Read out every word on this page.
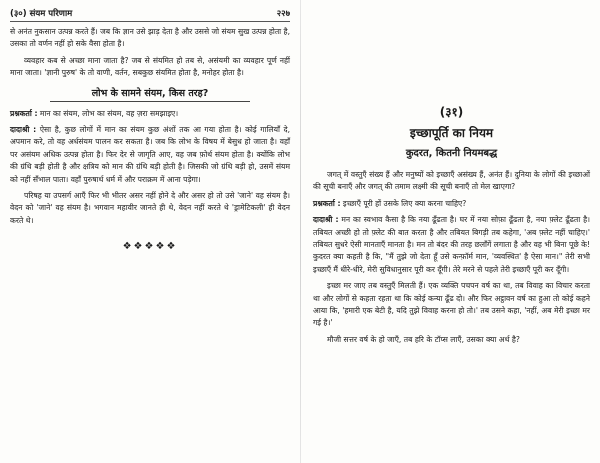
(३०) संयम परिणाम	२२७

से अनंत नुकसान उत्पन्न करते हैं। जब कि ज्ञान उसे झाड़ देता है और उससे जो संयम सुख उत्पन्न होता है, उसका तो वर्णन नहीं हो सके वैसा होता है।

व्यवहार कब से अच्छा माना जाता है? जब से संयमित हो तब से, असंयमी का व्यवहार पूर्ण नहीं माना जाता। 'ज्ञानी पुरुष' के तो वाणी, वर्तन, सबकुछ संयमित होता है, मनोहर होता है।

लोभ के सामने संयम, किस तरह?

प्रश्नकर्ता : मान का संयम, लोभ का संयम, वह ज़रा समझाइए।

दादाश्री : ऐसा है, कुछ लोगों में मान का संयम कुछ अंशों तक आ गया होता है। कोई गालियाँ दे, अपमान करे, तो वह अर्धसंयम पालन कर सकता है। जब कि लोभ के विषय में बेसुध हो जाता है। वहाँ पर असंयम अधिक उत्पन्न होता है। फिर देर से जागृति आए, वह जब फ़ोर्थ संयम होता है। क्योंकि लोभ की ग्रंथि बड़ी होती है और क्षत्रिय को मान की ग्रंथि बड़ी होती है। जिसकी जो ग्रंथि बड़ी हो, उसमें संयम को नहीं सँभाल पाता। वहाँ पुरुषार्थ धर्म में और पराक्रम में आना पड़ेगा।

परिषह या उपसर्ग आएँ फिर भी भीतर असर नहीं होने दे और असर हो तो उसे 'जाने' वह संयम है। वेदन को 'जाने' वह संयम है। भगवान महावीर जानते ही थे, वेदन नहीं करते थे 'ड्रामेटिकली' ही वेदन करते थे।

❖❖❖❖❖
(३१)
इच्छापूर्ति का नियम
कुदरत, कितनी नियमबद्ध

जगत् में वस्तुएँ संख्य हैं और मनुष्यों को इच्छाएँ असंख्य हैं, अनंत हैं। दुनिया के लोगों की इच्छाओं की सूची बनाएँ और जगत् की तमाम लक्ष्मी की सूची बनाएँ तो मेल खाएगा?

प्रश्नकर्ता : इच्छाएँ पूरी हों उसके लिए क्या करना चाहिए?

दादाश्री : मन का स्वभाव कैसा है कि नया ढूँढता है। घर में नया सोफ़ा ढूँढता है, नया फ़्लेट ढूँढता है। तबियत अच्छी हो तो फ़्लेट की बात करता है और तबियत बिगड़ी तब कहेगा, 'अब फ़्लेट नहीं चाहिए।' तबियत सुधरे ऐसी मानताएँ मानता है। मन तो बंदर की तरह छलाँगें लगाता है और वह भी बिना पूछे के! कुदरत क्या कहती है कि, "मैं तुझे जो देता हूँ उसे कन्फ़ॉर्म मान, 'व्यवस्थित' है ऐसा मान।" तेरी सभी इच्छाएँ मैं धीरे-धीरे, मेरी सुविधानुसार पूरी कर दूँगी। तेरे मरने से पहले तेरी इच्छाएँ पूरी कर दूँगी।

इच्छा मर जाए तब वस्तुएँ मिलती हैं। एक व्यक्ति पचपन वर्ष का था, तब विवाह का विचार करता था और लोगों से कहता रहता था कि कोई कन्या ढूँढ दो। और फिर अट्ठावन वर्ष का हुआ तो कोई कहने आया कि, 'हमारी एक बेटी है, यदि तुझे विवाह करना हो तो।' तब उसने कहा, 'नहीं, अब मेरी इच्छा मर गई है।'

मौजी सत्तर वर्ष के हो जाएँ, तब हरि के टॉप्स लाएँ, उसका क्या अर्थ है?
